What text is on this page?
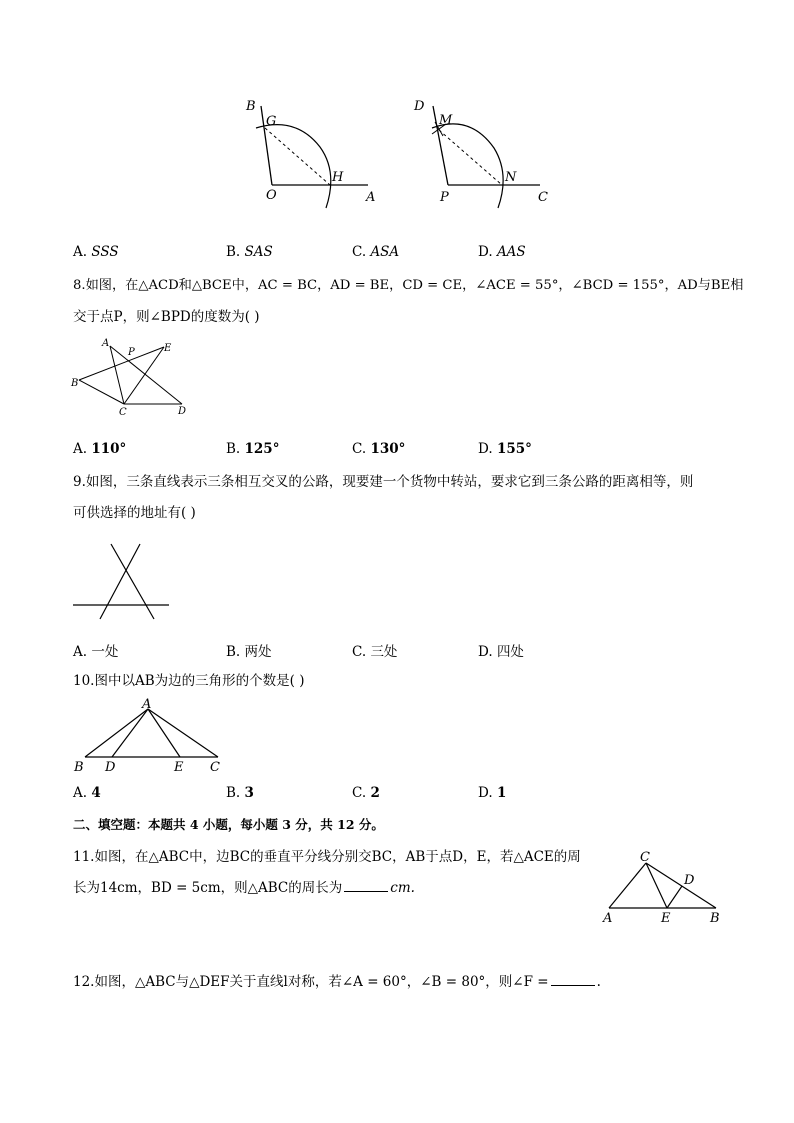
B
G
O
H
A
D
M
P
N
C
A. SSS	B. SAS	C. ASA	D. AAS
8.如图，在△ACD和△BCE中，AC = BC，AD = BE，CD = CE，∠ACE = 55°，∠BCD = 155°，AD与BE相
交于点P，则∠BPD的度数为( )
A
P	E
B
C	D
A. 110°	B. 125°	C. 130°	D. 155°
9.如图，三条直线表示三条相互交叉的公路，现要建一个货物中转站，要求它到三条公路的距离相等，则
可供选择的地址有( )
A. 一处	B. 两处	C. 三处	D. 四处
10.图中以AB为边的三角形的个数是( )
A
B D	E C
A. 4	B. 3	C. 2	D. 1
二、填空题：本题共 4 小题，每小题 3 分，共 12 分。
11.如图，在△ABC中，边BC的垂直平分线分别交BC，AB于点D，E，若△ACE的周
长为14cm，BD = 5cm，则△ABC的周长为	cm.
C
D
A	E	B
12.如图，△ABC与△DEF关于直线l对称，若∠A = 60°，∠B = 80°，则∠F =	.
